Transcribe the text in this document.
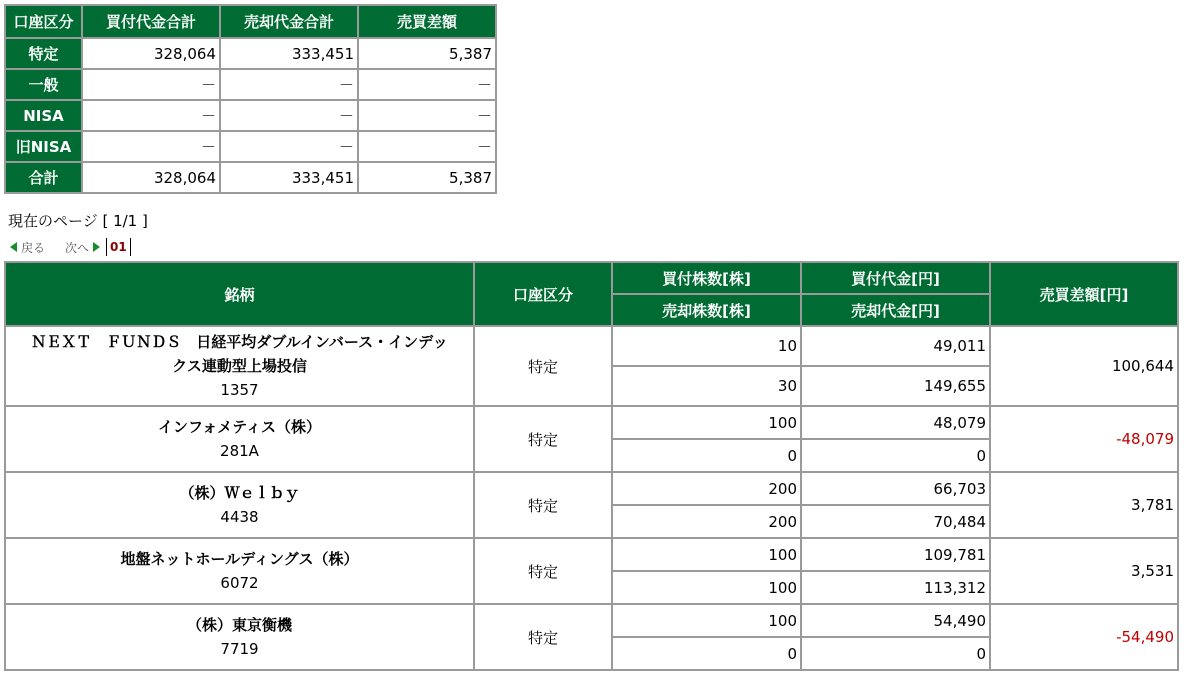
口座区分	買付代金合計	売却代金合計	売買差額
特定	328,064	333,451	5,387
一般	－	－	－
NISA	－	－	－
旧NISA	－	－	－
合計	328,064	333,451	5,387
現在のページ [ 1/1 ]
戻る 次へ	01
銘柄	口座区分	買付株数[株]	買付代金[円]	売買差額[円]
		売却株数[株]	売却代金[円]	
ＮＥＸＴ　ＦＵＮＤＳ　日経平均ダブルインバース・インデッ
クス連動型上場投信
1357	特定	10	49,011	100,644
		30	149,655	
インフォメティス（株）
281A	特定	100	48,079	-48,079
		0	0	
（株）Ｗｅｌｂｙ
4438	特定	200	66,703	3,781
		200	70,484	
地盤ネットホールディングス（株）
6072	特定	100	109,781	3,531
		100	113,312	
（株）東京衡機
7719	特定	100	54,490	-54,490
		0	0	
